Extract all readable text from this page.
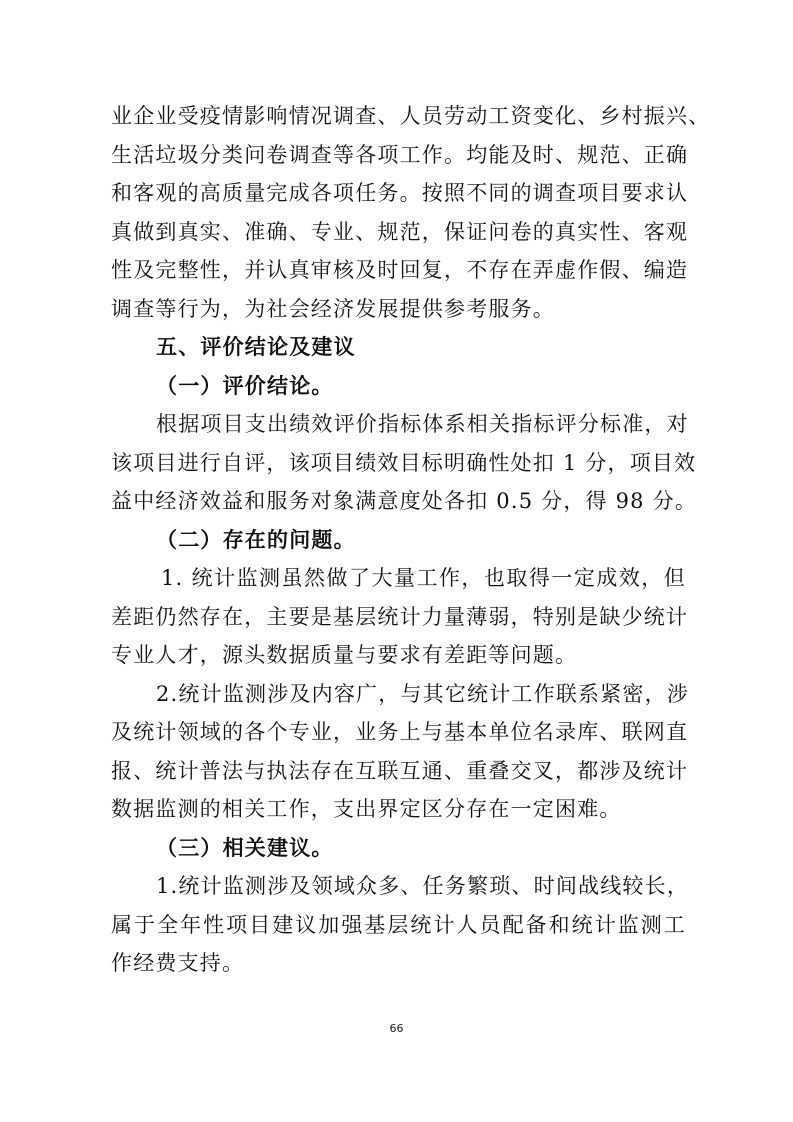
业企业受疫情影响情况调查、人员劳动工资变化、乡村振兴、
生活垃圾分类问卷调查等各项工作。均能及时、规范、正确
和客观的高质量完成各项任务。按照不同的调查项目要求认
真做到真实、准确、专业、规范，保证问卷的真实性、客观
性及完整性，并认真审核及时回复，不存在弄虚作假、编造
调查等行为，为社会经济发展提供参考服务。
五、评价结论及建议
（一）评价结论。
根据项目支出绩效评价指标体系相关指标评分标准，对
该项目进行自评，该项目绩效目标明确性处扣 1 分，项目效
益中经济效益和服务对象满意度处各扣 0.5 分，得 98 分。
（二）存在的问题。
1. 统计监测虽然做了大量工作，也取得一定成效，但
差距仍然存在，主要是基层统计力量薄弱，特别是缺少统计
专业人才，源头数据质量与要求有差距等问题。
2.统计监测涉及内容广，与其它统计工作联系紧密，涉
及统计领域的各个专业，业务上与基本单位名录库、联网直
报、统计普法与执法存在互联互通、重叠交叉，都涉及统计
数据监测的相关工作，支出界定区分存在一定困难。
（三）相关建议。
1.统计监测涉及领域众多、任务繁琐、时间战线较长，
属于全年性项目建议加强基层统计人员配备和统计监测工
作经费支持。
66
